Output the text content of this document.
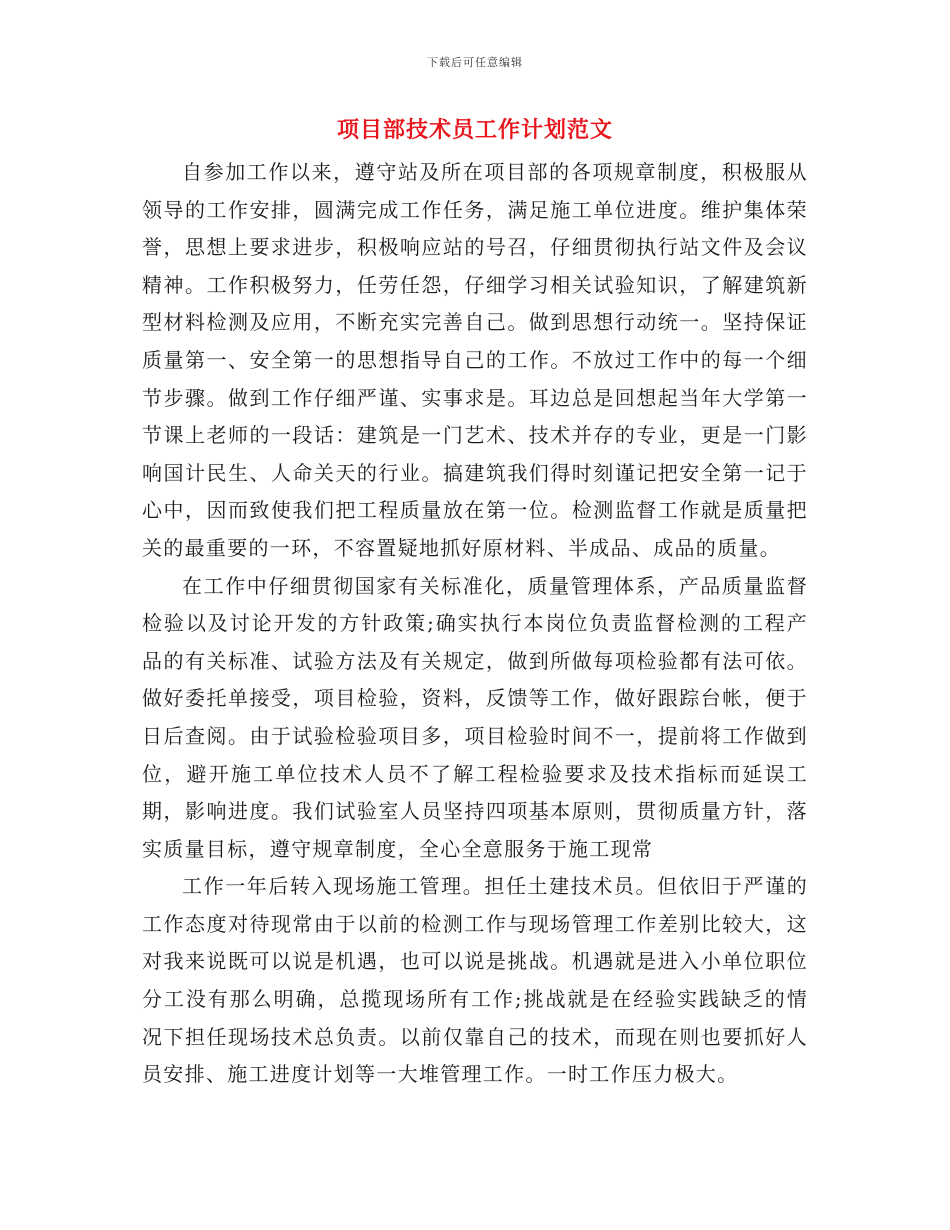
下载后可任意编辑
项目部技术员工作计划范文

自参加工作以来，遵守站及所在项目部的各项规章制度，积极服从领导的工作安排，圆满完成工作任务，满足施工单位进度。维护集体荣誉，思想上要求进步，积极响应站的号召，仔细贯彻执行站文件及会议精神。工作积极努力，任劳任怨，仔细学习相关试验知识，了解建筑新型材料检测及应用，不断充实完善自己。做到思想行动统一。坚持保证质量第一、安全第一的思想指导自己的工作。不放过工作中的每一个细节步骤。做到工作仔细严谨、实事求是。耳边总是回想起当年大学第一节课上老师的一段话：建筑是一门艺术、技术并存的专业，更是一门影响国计民生、人命关天的行业。搞建筑我们得时刻谨记把安全第一记于心中，因而致使我们把工程质量放在第一位。检测监督工作就是质量把关的最重要的一环，不容置疑地抓好原材料、半成品、成品的质量。

在工作中仔细贯彻国家有关标准化，质量管理体系，产品质量监督检验以及讨论开发的方针政策;确实执行本岗位负责监督检测的工程产品的有关标准、试验方法及有关规定，做到所做每项检验都有法可依。做好委托单接受，项目检验，资料，反馈等工作，做好跟踪台帐，便于日后查阅。由于试验检验项目多，项目检验时间不一，提前将工作做到位，避开施工单位技术人员不了解工程检验要求及技术指标而延误工期，影响进度。我们试验室人员坚持四项基本原则，贯彻质量方针，落实质量目标，遵守规章制度，全心全意服务于施工现常

工作一年后转入现场施工管理。担任土建技术员。但依旧于严谨的工作态度对待现常由于以前的检测工作与现场管理工作差别比较大，这对我来说既可以说是机遇，也可以说是挑战。机遇就是进入小单位职位分工没有那么明确，总揽现场所有工作;挑战就是在经验实践缺乏的情况下担任现场技术总负责。以前仅靠自己的技术，而现在则也要抓好人员安排、施工进度计划等一大堆管理工作。一时工作压力极大。
